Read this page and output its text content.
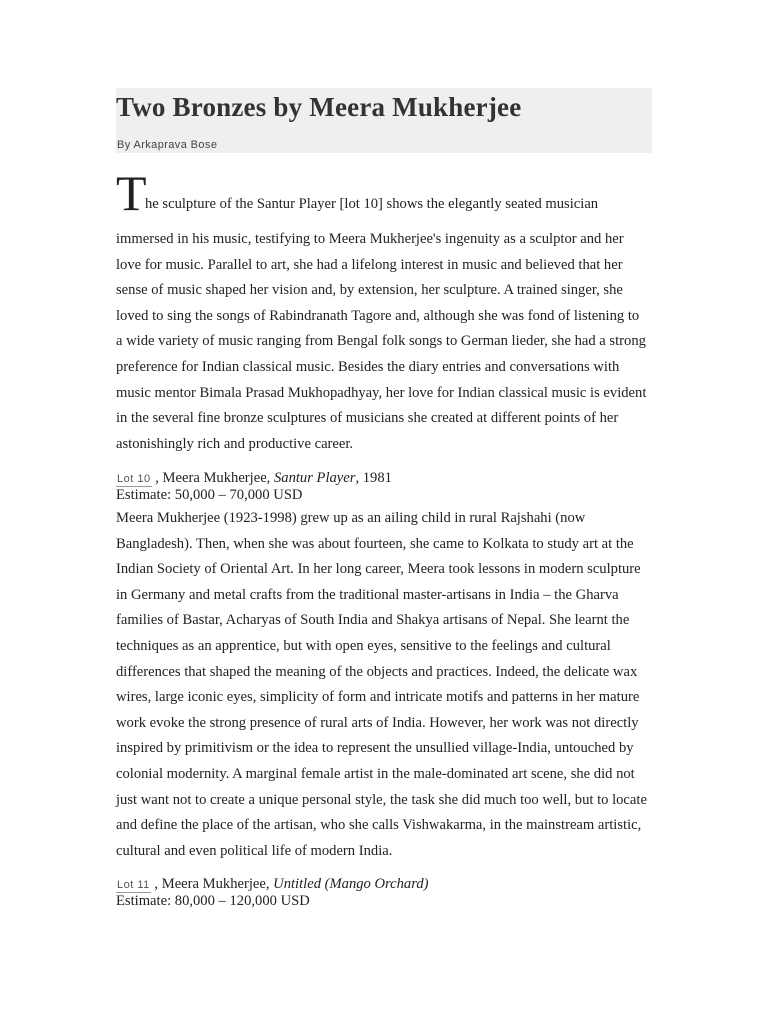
Two Bronzes by Meera Mukherjee
By Arkaprava Bose
T
he sculpture of the Santur Player [lot 10] shows the elegantly seated musician
immersed in his music, testifying to Meera Mukherjee's ingenuity as a sculptor and her
love for music. Parallel to art, she had a lifelong interest in music and believed that her
sense of music shaped her vision and, by extension, her sculpture. A trained singer, she
loved to sing the songs of Rabindranath Tagore and, although she was fond of listening to
a wide variety of music ranging from Bengal folk songs to German lieder, she had a strong
preference for Indian classical music. Besides the diary entries and conversations with
music mentor Bimala Prasad Mukhopadhyay, her love for Indian classical music is evident
in the several fine bronze sculptures of musicians she created at different points of her
astonishingly rich and productive career.
Lot 10 , Meera Mukherjee, Santur Player, 1981
Estimate: 50,000 – 70,000 USD
Meera Mukherjee (1923-1998) grew up as an ailing child in rural Rajshahi (now
Bangladesh). Then, when she was about fourteen, she came to Kolkata to study art at the
Indian Society of Oriental Art. In her long career, Meera took lessons in modern sculpture
in Germany and metal crafts from the traditional master-artisans in India – the Gharva
families of Bastar, Acharyas of South India and Shakya artisans of Nepal. She learnt the
techniques as an apprentice, but with open eyes, sensitive to the feelings and cultural
differences that shaped the meaning of the objects and practices. Indeed, the delicate wax
wires, large iconic eyes, simplicity of form and intricate motifs and patterns in her mature
work evoke the strong presence of rural arts of India. However, her work was not directly
inspired by primitivism or the idea to represent the unsullied village-India, untouched by
colonial modernity. A marginal female artist in the male-dominated art scene, she did not
just want not to create a unique personal style, the task she did much too well, but to locate
and define the place of the artisan, who she calls Vishwakarma, in the mainstream artistic,
cultural and even political life of modern India.
Lot 11 , Meera Mukherjee, Untitled (Mango Orchard)
Estimate: 80,000 – 120,000 USD
